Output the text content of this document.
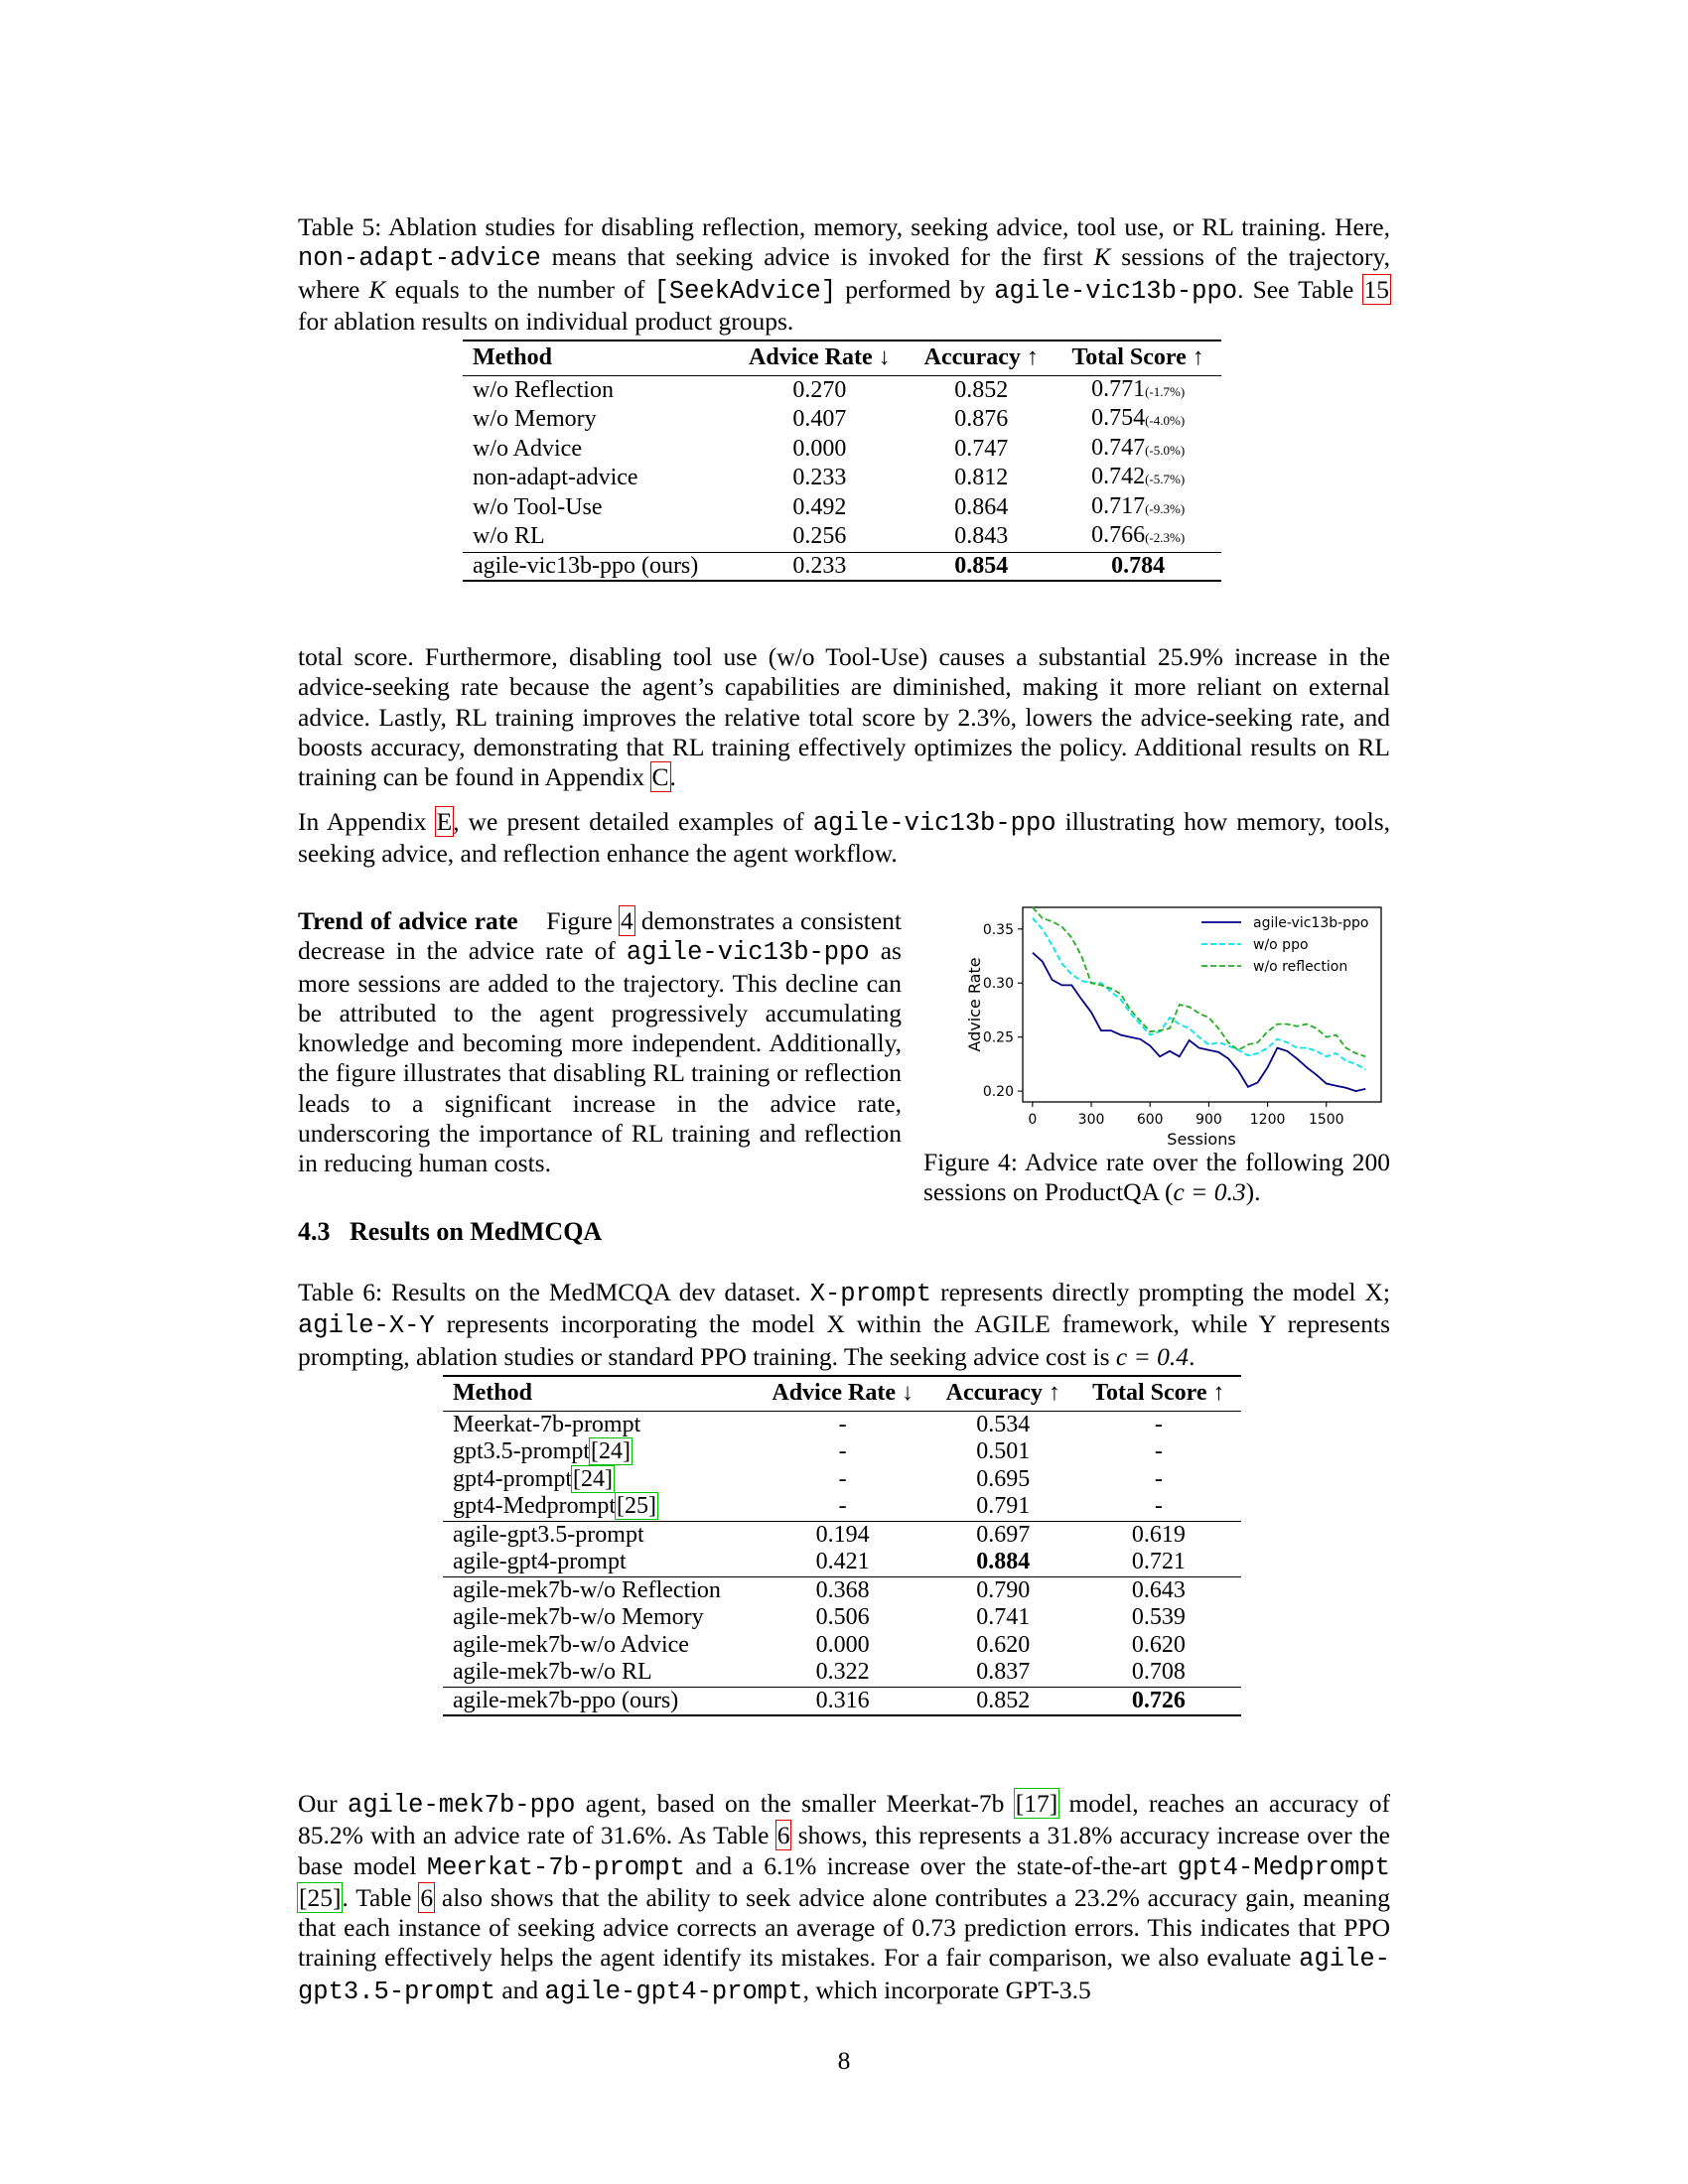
Table 5: Ablation studies for disabling reflection, memory, seeking advice, tool use, or RL training. Here, non-adapt-advice means that seeking advice is invoked for the first K sessions of the trajectory, where K equals to the number of [SeekAdvice] performed by agile-vic13b-ppo. See Table 15 for ablation results on individual product groups.
Method	Advice Rate ↓	Accuracy ↑	Total Score ↑
w/o Reflection	0.270	0.852	0.771(-1.7%)
w/o Memory	0.407	0.876	0.754(-4.0%)
w/o Advice	0.000	0.747	0.747(-5.0%)
non-adapt-advice	0.233	0.812	0.742(-5.7%)
w/o Tool-Use	0.492	0.864	0.717(-9.3%)
w/o RL	0.256	0.843	0.766(-2.3%)
agile-vic13b-ppo (ours)	0.233	0.854	0.784
total score. Furthermore, disabling tool use (w/o Tool-Use) causes a substantial 25.9% increase in the advice-seeking rate because the agent’s capabilities are diminished, making it more reliant on external advice. Lastly, RL training improves the relative total score by 2.3%, lowers the advice-seeking rate, and boosts accuracy, demonstrating that RL training effectively optimizes the policy. Additional results on RL training can be found in Appendix C.
In Appendix E, we present detailed examples of agile-vic13b-ppo illustrating how memory, tools, seeking advice, and reflection enhance the agent workflow.
Trend of advice rate Figure 4 demonstrates a consistent decrease in the advice rate of agile-vic13b-ppo as more sessions are added to the trajectory. This decline can be attributed to the agent progressively accumulating knowledge and becoming more independent. Additionally, the figure illustrates that disabling RL training or reflection leads to a significant increase in the advice rate, underscoring the importance of RL training and reflection in reducing human costs.
0	300 600 900 1200 1500
0.20
0.25
0.30
0.35	agile-vic13b-ppo
w/o ppo
w/o reflection
Sessions
Advice Rate
Figure 4: Advice rate over the following 200 sessions on ProductQA (c = 0.3).
4.3 Results on MedMCQA
Table 6: Results on the MedMCQA dev dataset. X-prompt represents directly prompting the model X; agile-X-Y represents incorporating the model X within the AGILE framework, while Y represents prompting, ablation studies or standard PPO training. The seeking advice cost is c = 0.4.
Method	Advice Rate ↓	Accuracy ↑	Total Score ↑
Meerkat-7b-prompt	-	0.534	-
gpt3.5-prompt[24]	-	0.501	-
gpt4-prompt[24]	-	0.695	-
gpt4-Medprompt[25]	-	0.791	-
agile-gpt3.5-prompt	0.194	0.697	0.619
agile-gpt4-prompt	0.421	0.884	0.721
agile-mek7b-w/o Reflection	0.368	0.790	0.643
agile-mek7b-w/o Memory	0.506	0.741	0.539
agile-mek7b-w/o Advice	0.000	0.620	0.620
agile-mek7b-w/o RL	0.322	0.837	0.708
agile-mek7b-ppo (ours)	0.316	0.852	0.726
Our agile-mek7b-ppo agent, based on the smaller Meerkat-7b [17] model, reaches an accuracy of 85.2% with an advice rate of 31.6%. As Table 6 shows, this represents a 31.8% accuracy increase over the base model Meerkat-7b-prompt and a 6.1% increase over the state-of-the-art gpt4-Medprompt [25]. Table 6 also shows that the ability to seek advice alone contributes a 23.2% accuracy gain, meaning that each instance of seeking advice corrects an average of 0.73 prediction errors. This indicates that PPO training effectively helps the agent identify its mistakes. For a fair comparison, we also evaluate agile-gpt3.5-prompt and agile-gpt4-prompt, which incorporate GPT-3.5
8
